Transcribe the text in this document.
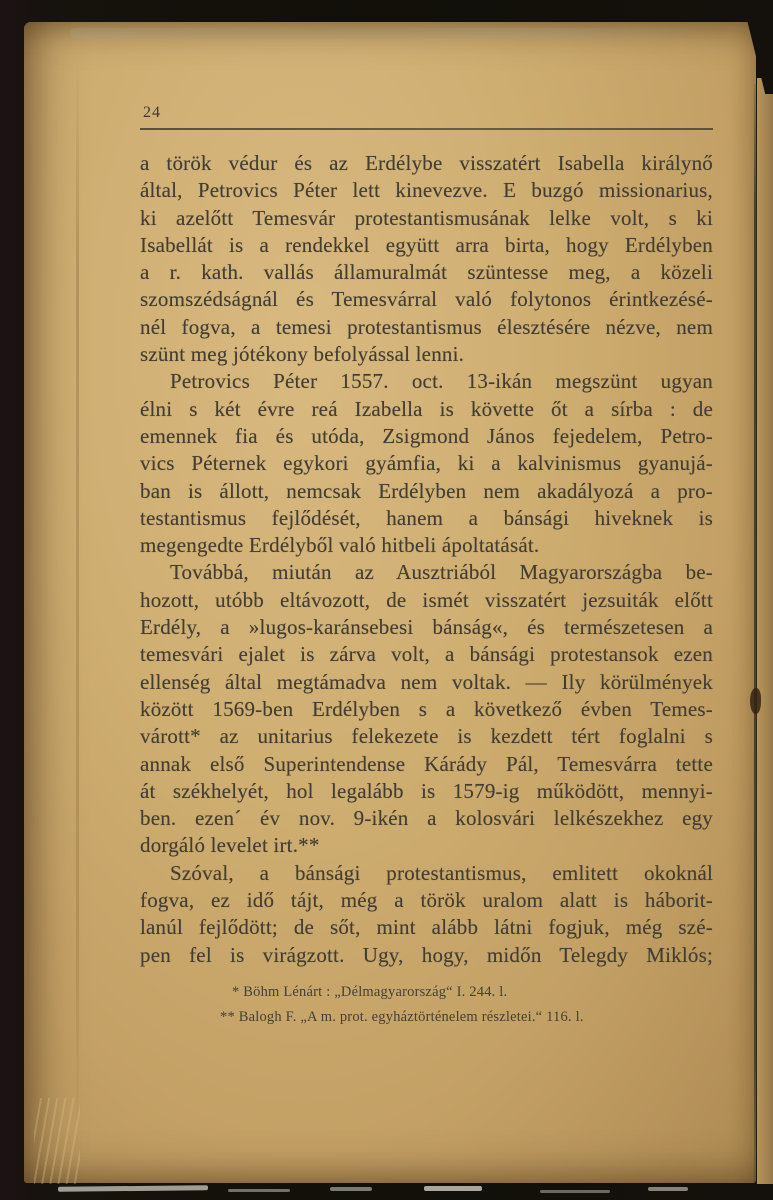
24
a török védur és az Erdélybe visszatért Isabella királynő
által, Petrovics Péter lett kinevezve. E buzgó missionarius,
ki azelőtt Temesvár protestantismusának lelke volt, s ki
Isabellát is a rendekkel együtt arra birta, hogy Erdélyben
a r. kath. vallás államuralmát szüntesse meg, a közeli
szomszédságnál és Temesvárral való folytonos érintkezésé-
nél fogva, a temesi protestantismus élesztésére nézve, nem
szünt meg jótékony befolyással lenni.
Petrovics Péter 1557. oct. 13-ikán megszünt ugyan
élni s két évre reá Izabella is követte őt a sírba : de
emennek fia és utóda, Zsigmond János fejedelem, Petro-
vics Péternek egykori gyámfia, ki a kalvinismus gyanujá-
ban is állott, nemcsak Erdélyben nem akadályozá a pro-
testantismus fejlődését, hanem a bánsági hiveknek is
megengedte Erdélyből való hitbeli ápoltatását.
Továbbá, miután az Ausztriából Magyarországba be-
hozott, utóbb eltávozott, de ismét visszatért jezsuiták előtt
Erdély, a »lugos-karánsebesi bánság«, és természetesen a
temesvári ejalet is zárva volt, a bánsági protestansok ezen
ellenség által megtámadva nem voltak. — Ily körülmények
között 1569-ben Erdélyben s a következő évben Temes-
várott* az unitarius felekezete is kezdett tért foglalni s
annak első Superintendense Kárády Pál, Temesvárra tette
át székhelyét, hol legalább is 1579-ig működött, mennyi-
ben. ezen´ év nov. 9-ikén a kolosvári lelkészekhez egy
dorgáló levelet irt.**
Szóval, a bánsági protestantismus, emlitett okoknál
fogva, ez idő tájt, még a török uralom alatt is háborit-
lanúl fejlődött; de sőt, mint alább látni fogjuk, még szé-
pen fel is virágzott. Ugy, hogy, midőn Telegdy Miklós;
* Böhm Lénárt : „Délmagyarország“ I. 244. l.
** Balogh F. „A m. prot. egyháztörténelem részletei.“ 116. l.
